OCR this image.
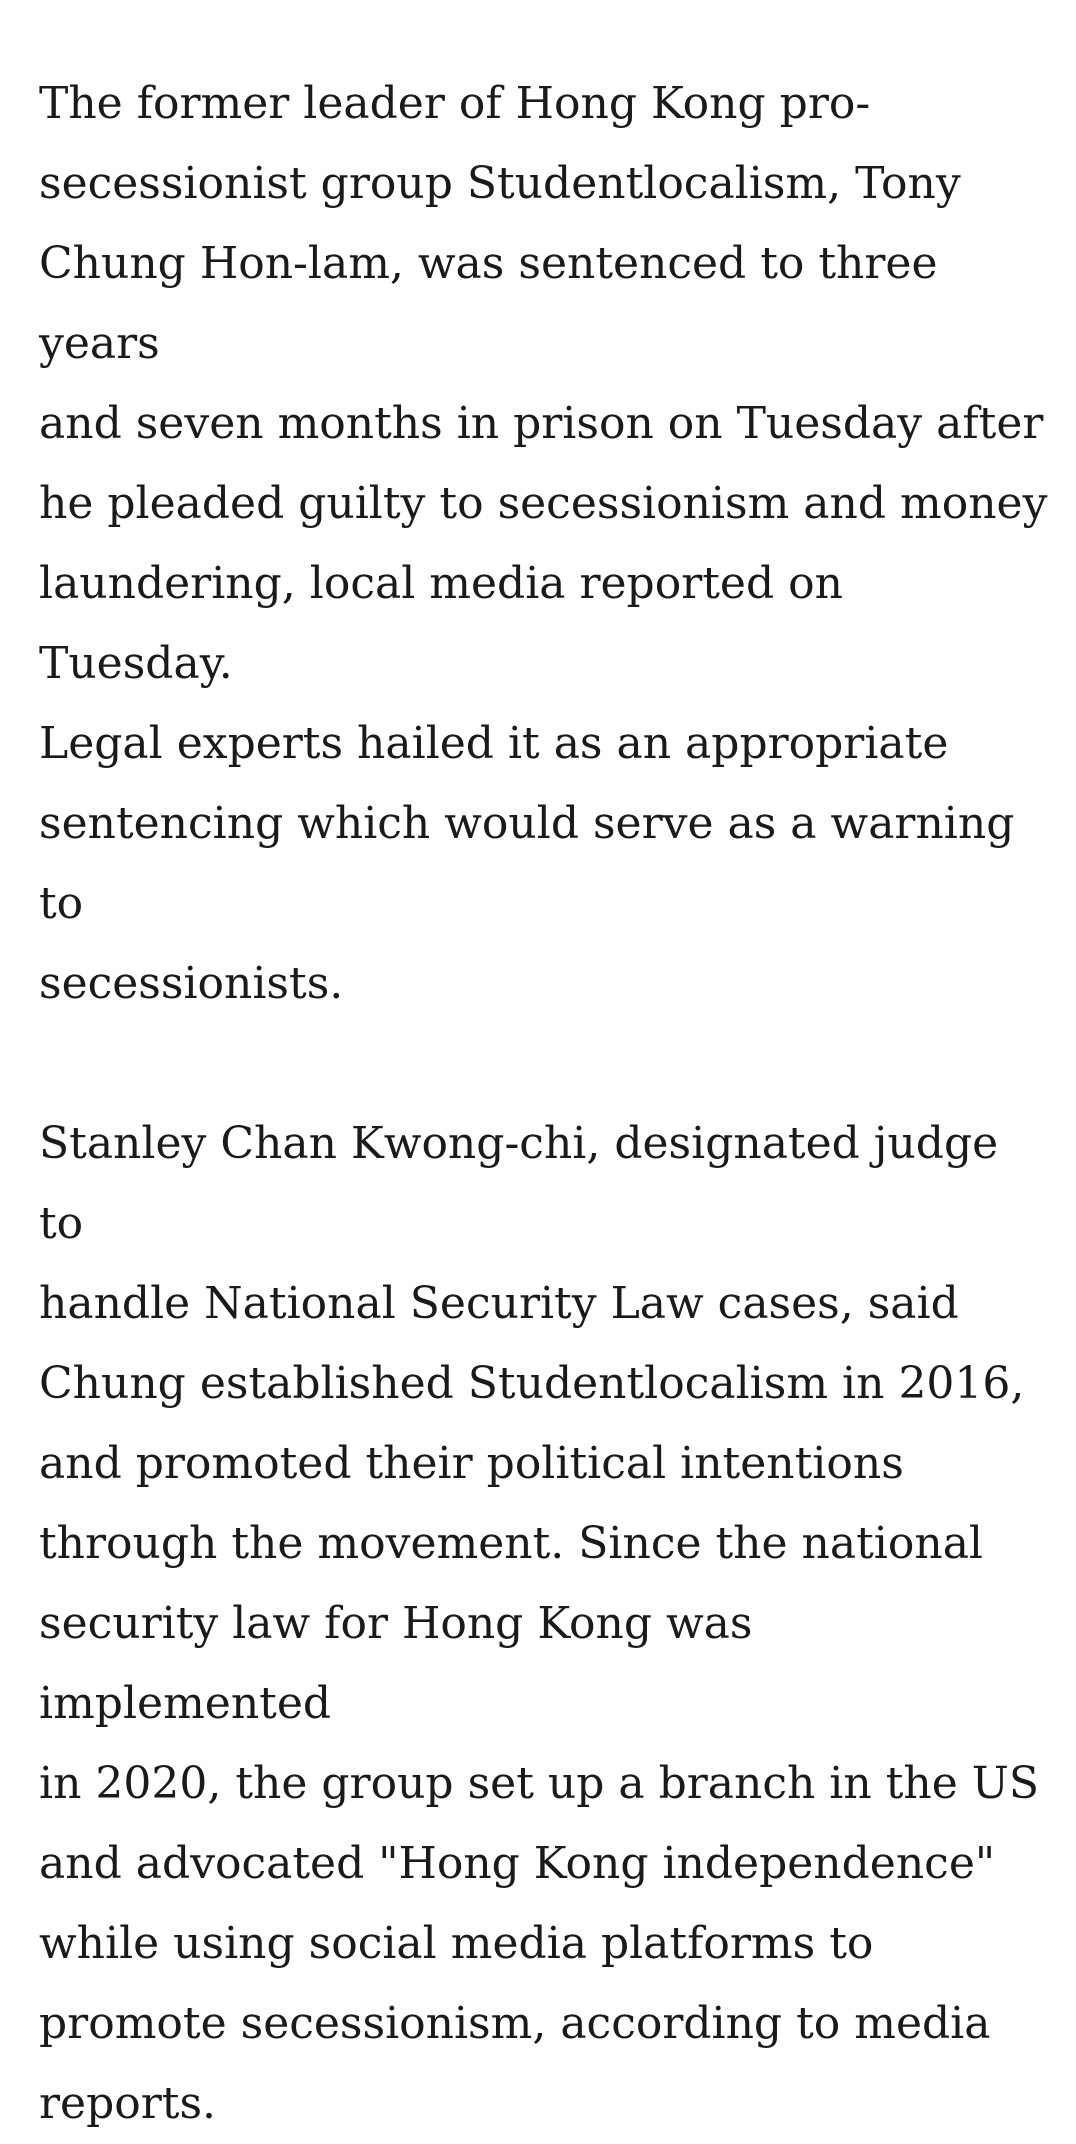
The former leader of Hong Kong pro-
secessionist group Studentlocalism, Tony
Chung Hon-lam, was sentenced to three years
and seven months in prison on Tuesday after
he pleaded guilty to secessionism and money
laundering, local media reported on Tuesday.
Legal experts hailed it as an appropriate
sentencing which would serve as a warning to
secessionists.

Stanley Chan Kwong-chi, designated judge to
handle National Security Law cases, said
Chung established Studentlocalism in 2016,
and promoted their political intentions
through the movement. Since the national
security law for Hong Kong was implemented
in 2020, the group set up a branch in the US
and advocated "Hong Kong independence"
while using social media platforms to
promote secessionism, according to media
reports.
